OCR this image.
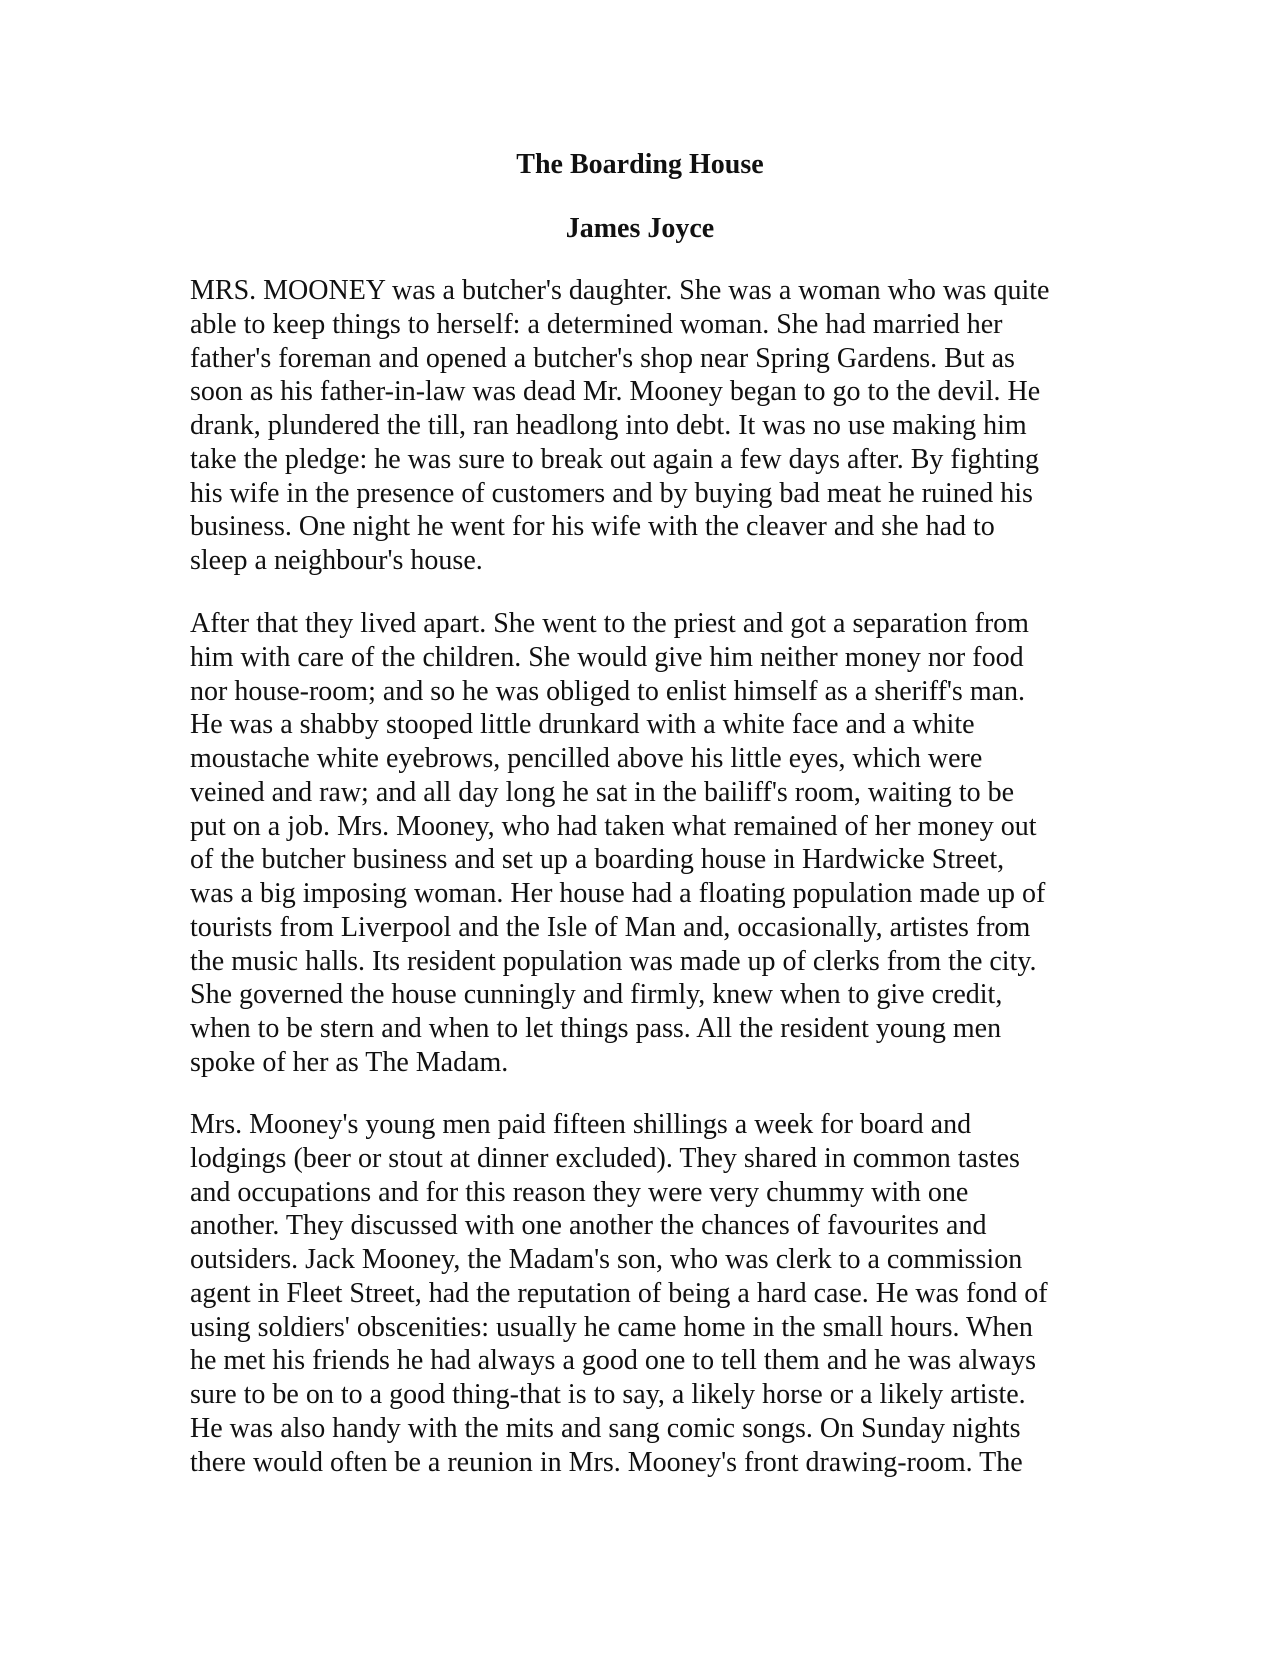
The Boarding House
James Joyce

MRS. MOONEY was a butcher's daughter. She was a woman who was quite
able to keep things to herself: a determined woman. She had married her
father's foreman and opened a butcher's shop near Spring Gardens. But as
soon as his father-in-law was dead Mr. Mooney began to go to the devil. He
drank, plundered the till, ran headlong into debt. It was no use making him
take the pledge: he was sure to break out again a few days after. By fighting
his wife in the presence of customers and by buying bad meat he ruined his
business. One night he went for his wife with the cleaver and she had to
sleep a neighbour's house.

After that they lived apart. She went to the priest and got a separation from
him with care of the children. She would give him neither money nor food
nor house-room; and so he was obliged to enlist himself as a sheriff's man.
He was a shabby stooped little drunkard with a white face and a white
moustache white eyebrows, pencilled above his little eyes, which were
veined and raw; and all day long he sat in the bailiff's room, waiting to be
put on a job. Mrs. Mooney, who had taken what remained of her money out
of the butcher business and set up a boarding house in Hardwicke Street,
was a big imposing woman. Her house had a floating population made up of
tourists from Liverpool and the Isle of Man and, occasionally, artistes from
the music halls. Its resident population was made up of clerks from the city.
She governed the house cunningly and firmly, knew when to give credit,
when to be stern and when to let things pass. All the resident young men
spoke of her as The Madam.

Mrs. Mooney's young men paid fifteen shillings a week for board and
lodgings (beer or stout at dinner excluded). They shared in common tastes
and occupations and for this reason they were very chummy with one
another. They discussed with one another the chances of favourites and
outsiders. Jack Mooney, the Madam's son, who was clerk to a commission
agent in Fleet Street, had the reputation of being a hard case. He was fond of
using soldiers' obscenities: usually he came home in the small hours. When
he met his friends he had always a good one to tell them and he was always
sure to be on to a good thing-that is to say, a likely horse or a likely artiste.
He was also handy with the mits and sang comic songs. On Sunday nights
there would often be a reunion in Mrs. Mooney's front drawing-room. The
